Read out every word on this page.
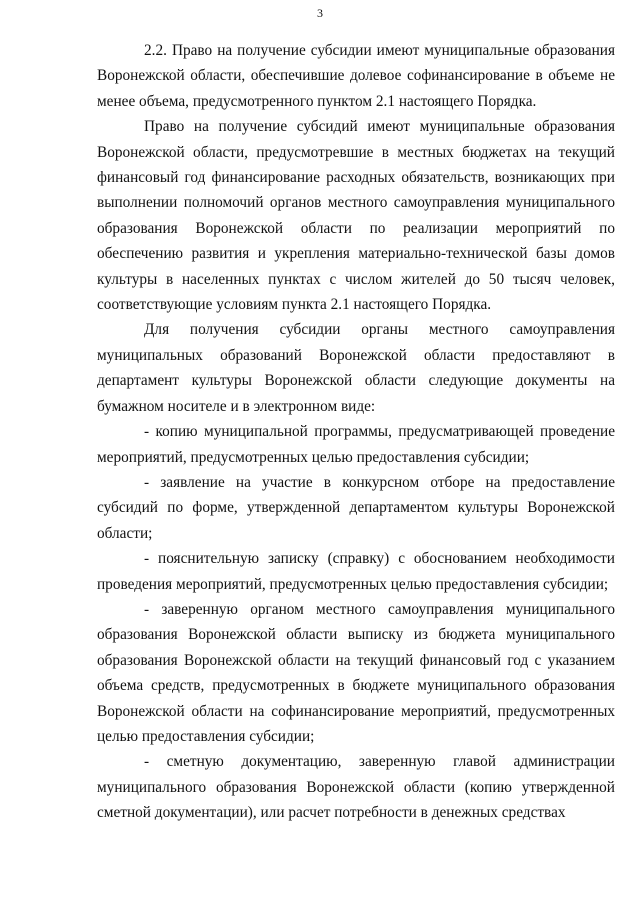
3

2.2. Право на получение субсидии имеют муниципальные образования Воронежской области, обеспечившие долевое софинансирование в объеме не менее объема, предусмотренного пунктом 2.1 настоящего Порядка.

Право на получение субсидий имеют муниципальные образования Воронежской области, предусмотревшие в местных бюджетах на текущий финансовый год финансирование расходных обязательств, возникающих при выполнении полномочий органов местного самоуправления муниципального образования Воронежской области по реализации мероприятий по обеспечению развития и укрепления материально-технической базы домов культуры в населенных пунктах с числом жителей до 50 тысяч человек, соответствующие условиям пункта 2.1 настоящего Порядка.

Для получения субсидии органы местного самоуправления муниципальных образований Воронежской области предоставляют в департамент культуры Воронежской области следующие документы на бумажном носителе и в электронном виде:

- копию муниципальной программы, предусматривающей проведение мероприятий, предусмотренных целью предоставления субсидии;

- заявление на участие в конкурсном отборе на предоставление субсидий по форме, утвержденной департаментом культуры Воронежской области;

- пояснительную записку (справку) с обоснованием необходимости проведения мероприятий, предусмотренных целью предоставления субсидии;

- заверенную органом местного самоуправления муниципального образования Воронежской области выписку из бюджета муниципального образования Воронежской области на текущий финансовый год с указанием объема средств, предусмотренных в бюджете муниципального образования Воронежской области на софинансирование мероприятий, предусмотренных целью предоставления субсидии;

- сметную документацию, заверенную главой администрации муниципального образования Воронежской области (копию утвержденной сметной документации), или расчет потребности в денежных средствах
